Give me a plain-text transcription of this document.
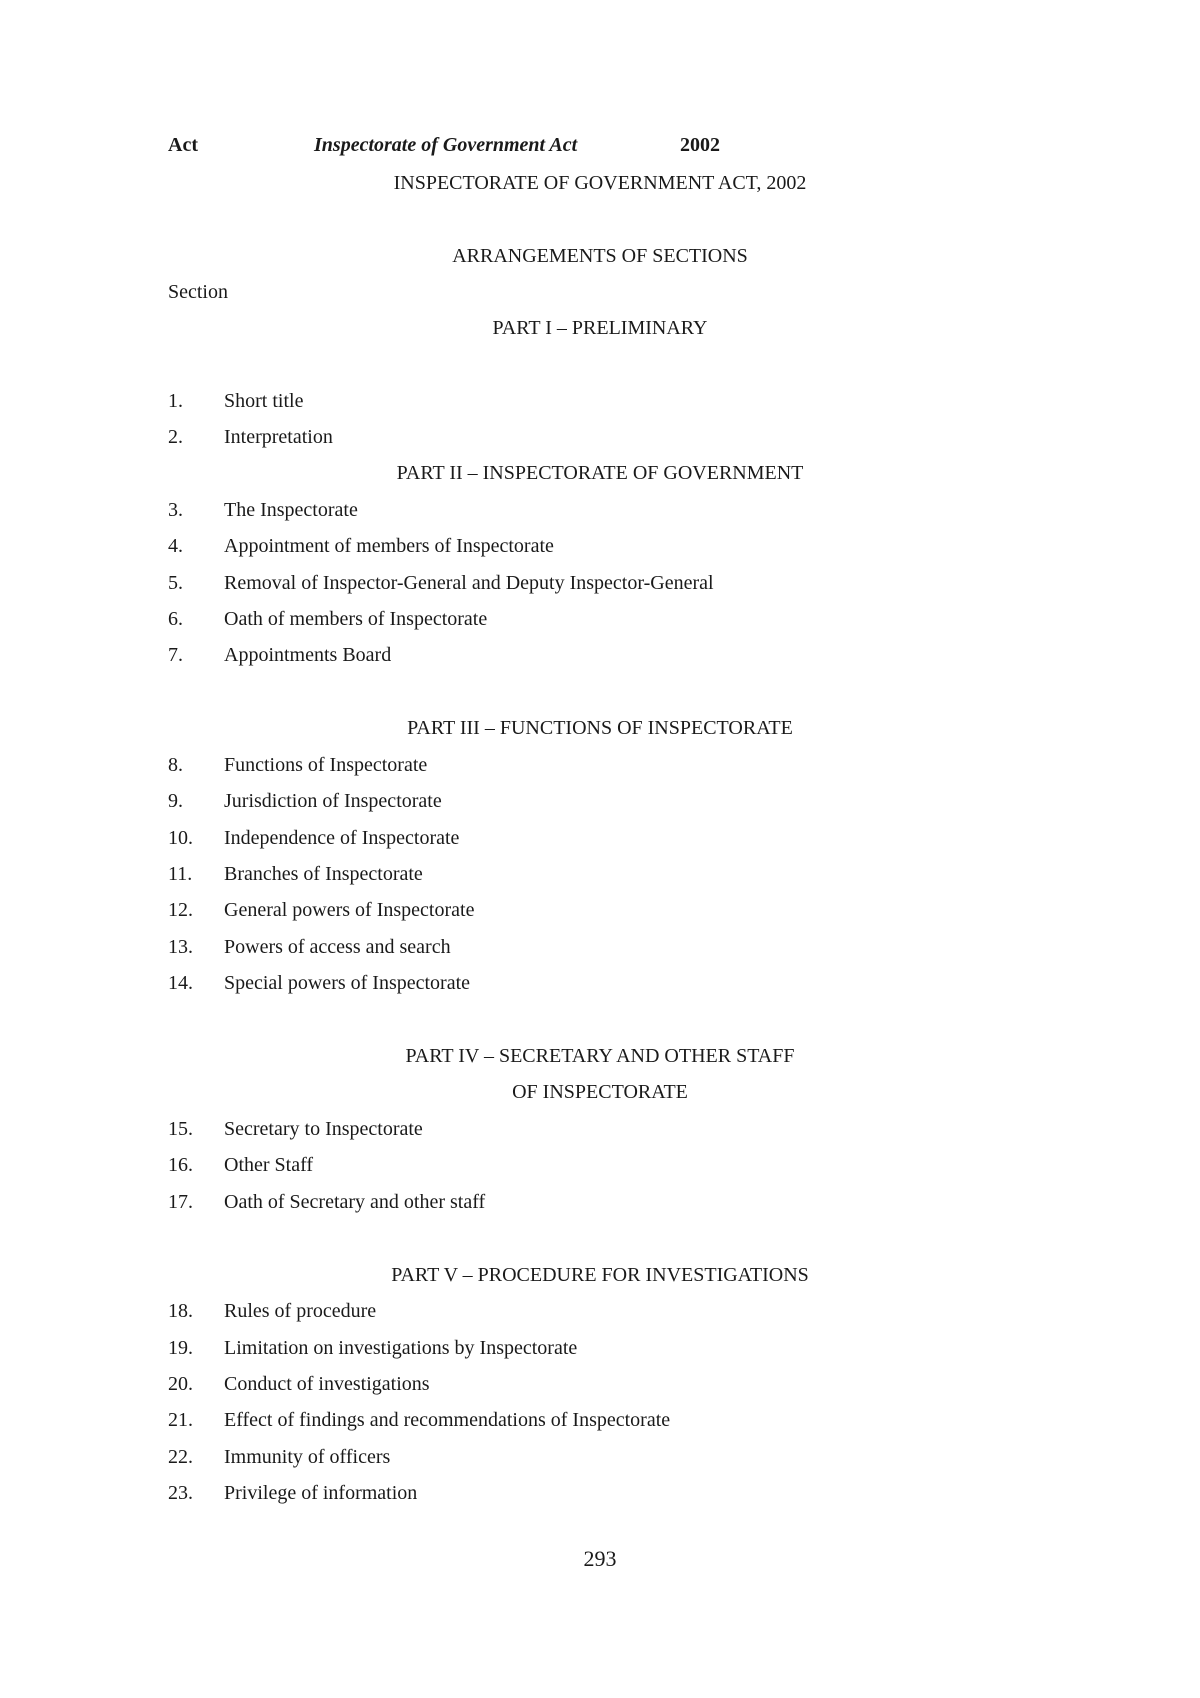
Act	Inspectorate of Government Act	2002
INSPECTORATE OF GOVERNMENT ACT, 2002
ARRANGEMENTS OF SECTIONS
Section
PART I – PRELIMINARY
1.	Short title
2.	Interpretation
PART II – INSPECTORATE OF GOVERNMENT
3.	The Inspectorate
4.	Appointment of members of Inspectorate
5.	Removal of Inspector-General and Deputy Inspector-General
6.	Oath of members of Inspectorate
7.	Appointments Board
PART III – FUNCTIONS OF INSPECTORATE
8.	Functions of Inspectorate
9.	Jurisdiction of Inspectorate
10.	Independence of Inspectorate
11.	Branches of Inspectorate
12.	General powers of Inspectorate
13.	Powers of access and search
14.	Special powers of Inspectorate
PART IV – SECRETARY AND OTHER STAFF
OF INSPECTORATE
15.	Secretary to Inspectorate
16.	Other Staff
17.	Oath of Secretary and other staff
PART V – PROCEDURE FOR INVESTIGATIONS
18.	Rules of procedure
19.	Limitation on investigations by Inspectorate
20.	Conduct of investigations
21.	Effect of findings and recommendations of Inspectorate
22.	Immunity of officers
23.	Privilege of information
293
